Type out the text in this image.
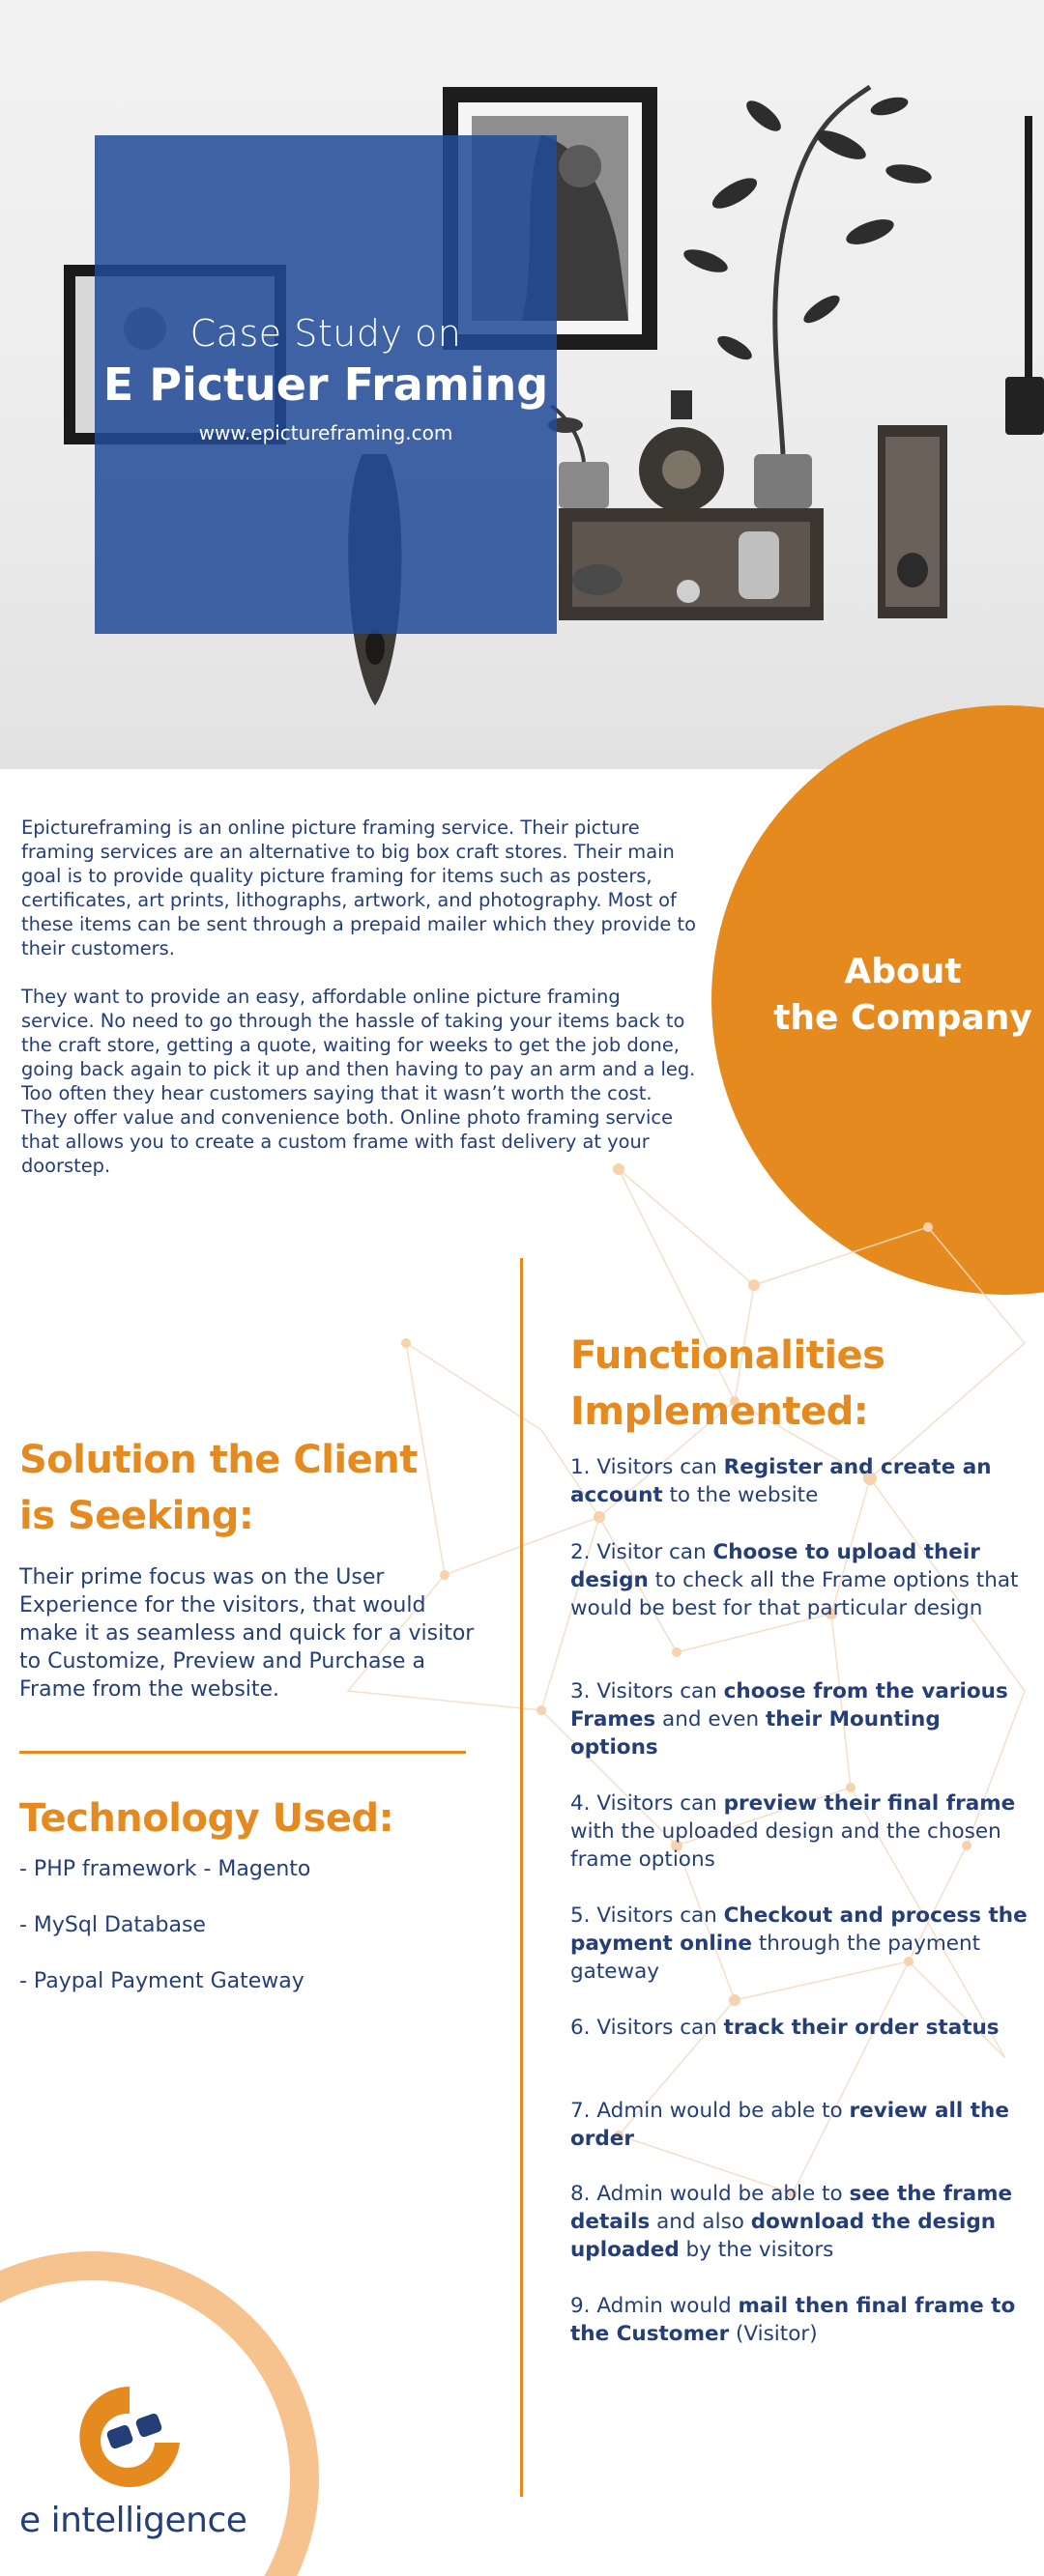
Case Study on
E Pictuer Framing
www.epictureframing.com
About
the Company

Epictureframing is an online picture framing service. Their picture framing services are an alternative to big box craft stores. Their main goal is to provide quality picture framing for items such as posters, certificates, art prints, lithographs, artwork, and photography. Most of these items can be sent through a prepaid mailer which they provide to their customers.

They want to provide an easy, affordable online picture framing service. No need to go through the hassle of taking your items back to the craft store, getting a quote, waiting for weeks to get the job done, going back again to pick it up and then having to pay an arm and a leg. Too often they hear customers saying that it wasn’t worth the cost. They offer value and convenience both. Online photo framing service that allows you to create a custom frame with fast delivery at your doorstep.

Solution the Client
is Seeking:

Their prime focus was on the User Experience for the visitors, that would make it as seamless and quick for a visitor to Customize, Preview and Purchase a Frame from the website.

Technology Used:
- PHP framework - Magento
- MySql Database
- Paypal Payment Gateway
Functionalities
Implemented:
1. Visitors can Register and create an account to the website
2. Visitor can Choose to upload their design to check all the Frame options that would be best for that particular design
3. Visitors can choose from the various Frames and even their Mounting options
4. Visitors can preview their final frame with the uploaded design and the chosen frame options
5. Visitors can Checkout and process the payment online through the payment gateway
6. Visitors can track their order status
7. Admin would be able to review all the order
8. Admin would be able to see the frame details and also download the design uploaded by the visitors
9. Admin would mail then final frame to the Customer (Visitor)
e intelligence
